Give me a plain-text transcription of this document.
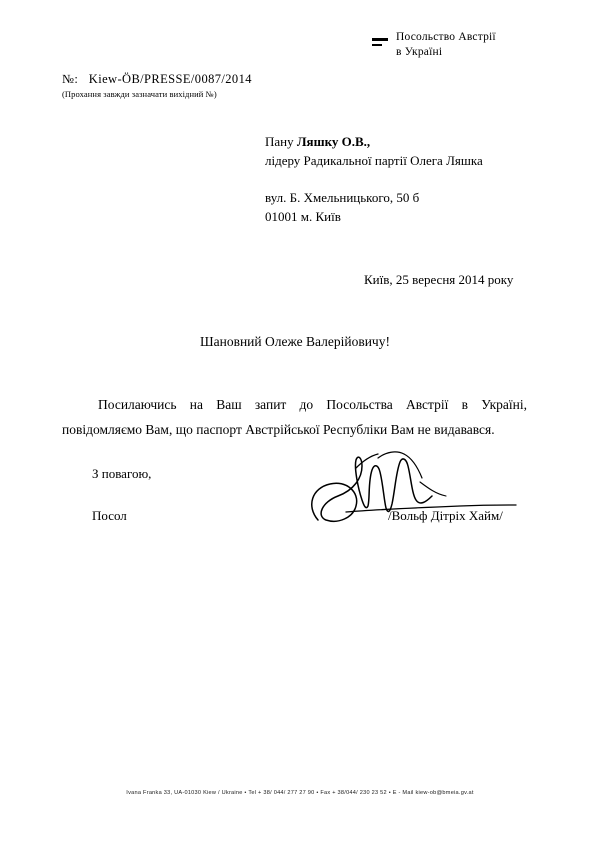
Посольство Австрії
в Україні
№: Kiew-ÖB/PRESSE/0087/2014
(Прохання завжди зазначати вихідний №)
Пану Ляшку О.В.,
лідеру Радикальної партії Олега Ляшка
вул. Б. Хмельницького, 50 б
01001 м. Київ
Київ, 25 вересня 2014 року
Шановний Олеже Валерійовичу!
Посилаючись на Ваш запит до Посольства Австрії в Україні, повідомляємо Вам, що паспорт Австрійської Республіки Вам не видавався.
З повагою,
Посол	/Вольф Дітріх Хайм/
Ivana Franka 33, UA-01030 Kiew / Ukraine • Tel + 38/ 044/ 277 27 90 • Fax + 38/044/ 230 23 52 • E - Mail kiew-ob@bmeia.gv.at
